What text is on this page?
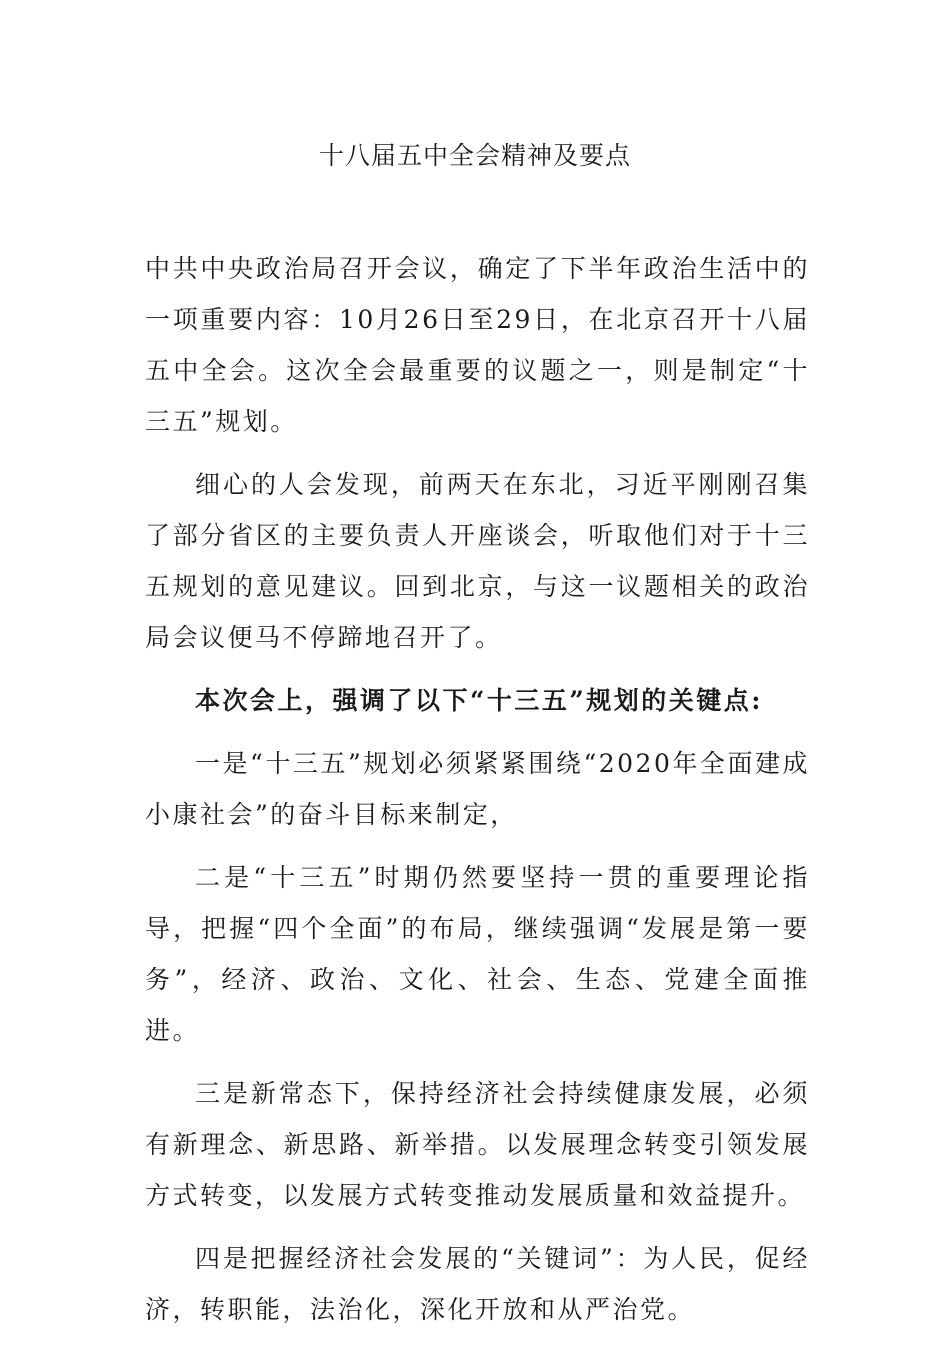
十八届五中全会精神及要点

中共中央政治局召开会议，确定了下半年政治生活中的一项重要内容：10月26日至29日，在北京召开十八届五中全会。这次全会最重要的议题之一，则是制定“十三五”规划。

细心的人会发现，前两天在东北，习近平刚刚召集了部分省区的主要负责人开座谈会，听取他们对于十三五规划的意见建议。回到北京，与这一议题相关的政治局会议便马不停蹄地召开了。

本次会上，强调了以下“十三五”规划的关键点:

一是“十三五”规划必须紧紧围绕“2020年全面建成小康社会”的奋斗目标来制定，

二是“十三五”时期仍然要坚持一贯的重要理论指导，把握“四个全面”的布局，继续强调“发展是第一要务”，经济、政治、文化、社会、生态、党建全面推进。

三是新常态下，保持经济社会持续健康发展，必须有新理念、新思路、新举措。以发展理念转变引领发展方式转变，以发展方式转变推动发展质量和效益提升。

四是把握经济社会发展的“关键词”：为人民，促经济，转职能，法治化，深化开放和从严治党。
